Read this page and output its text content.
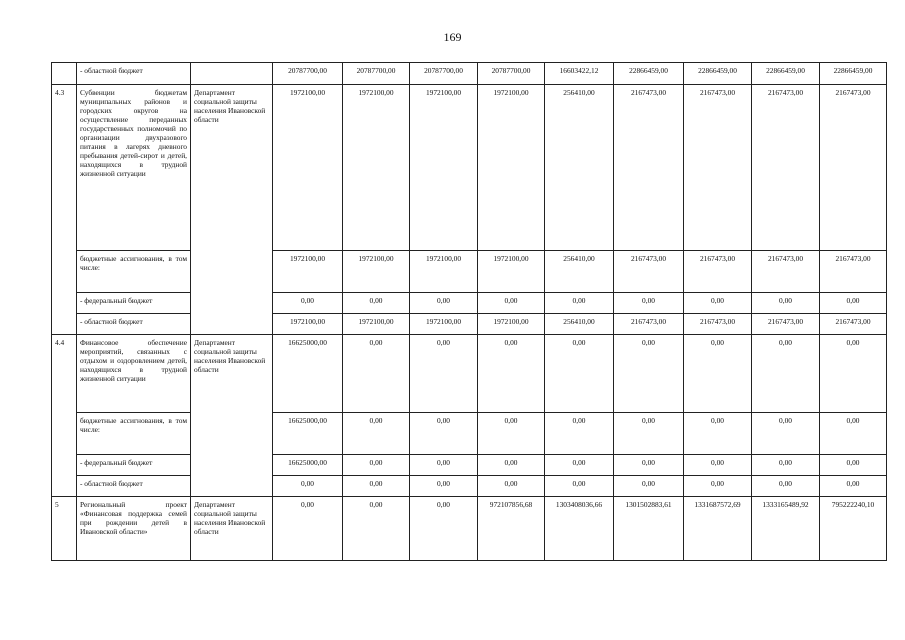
169
	- областной бюджет		20787700,00	20787700,00	20787700,00	20787700,00	16603422,12	22866459,00	22866459,00	22866459,00	22866459,00
4.3	Субвенции бюджетам муниципальных районов и городских округов на осуществление переданных государственных полномочий по организации двухразового питания в лагерях дневного пребывания детей-сирот и детей, находящихся в трудной жизненной ситуации	Департамент социальной защиты населения Ивановской области	1972100,00	1972100,00	1972100,00	1972100,00	256410,00	2167473,00	2167473,00	2167473,00	2167473,00
	бюджетные ассигнования, в том числе:		1972100,00	1972100,00	1972100,00	1972100,00	256410,00	2167473,00	2167473,00	2167473,00	2167473,00
	- федеральный бюджет		0,00	0,00	0,00	0,00	0,00	0,00	0,00	0,00	0,00
	- областной бюджет		1972100,00	1972100,00	1972100,00	1972100,00	256410,00	2167473,00	2167473,00	2167473,00	2167473,00
4.4	Финансовое обеспечение мероприятий, связанных с отдыхом и оздоровлением детей, находящихся в трудной жизненной ситуации	Департамент социальной защиты населения Ивановской области	16625000,00	0,00	0,00	0,00	0,00	0,00	0,00	0,00	0,00
	бюджетные ассигнования, в том числе:		16625000,00	0,00	0,00	0,00	0,00	0,00	0,00	0,00	0,00
	- федеральный бюджет		16625000,00	0,00	0,00	0,00	0,00	0,00	0,00	0,00	0,00
	- областной бюджет		0,00	0,00	0,00	0,00	0,00	0,00	0,00	0,00	0,00
5	Региональный проект «Финансовая поддержка семей при рождении детей в Ивановской области»	Департамент социальной защиты населения Ивановской области	0,00	0,00	0,00	972107856,68	1303408036,66	1301502883,61	1331687572,69	1333165489,92	795222240,10
